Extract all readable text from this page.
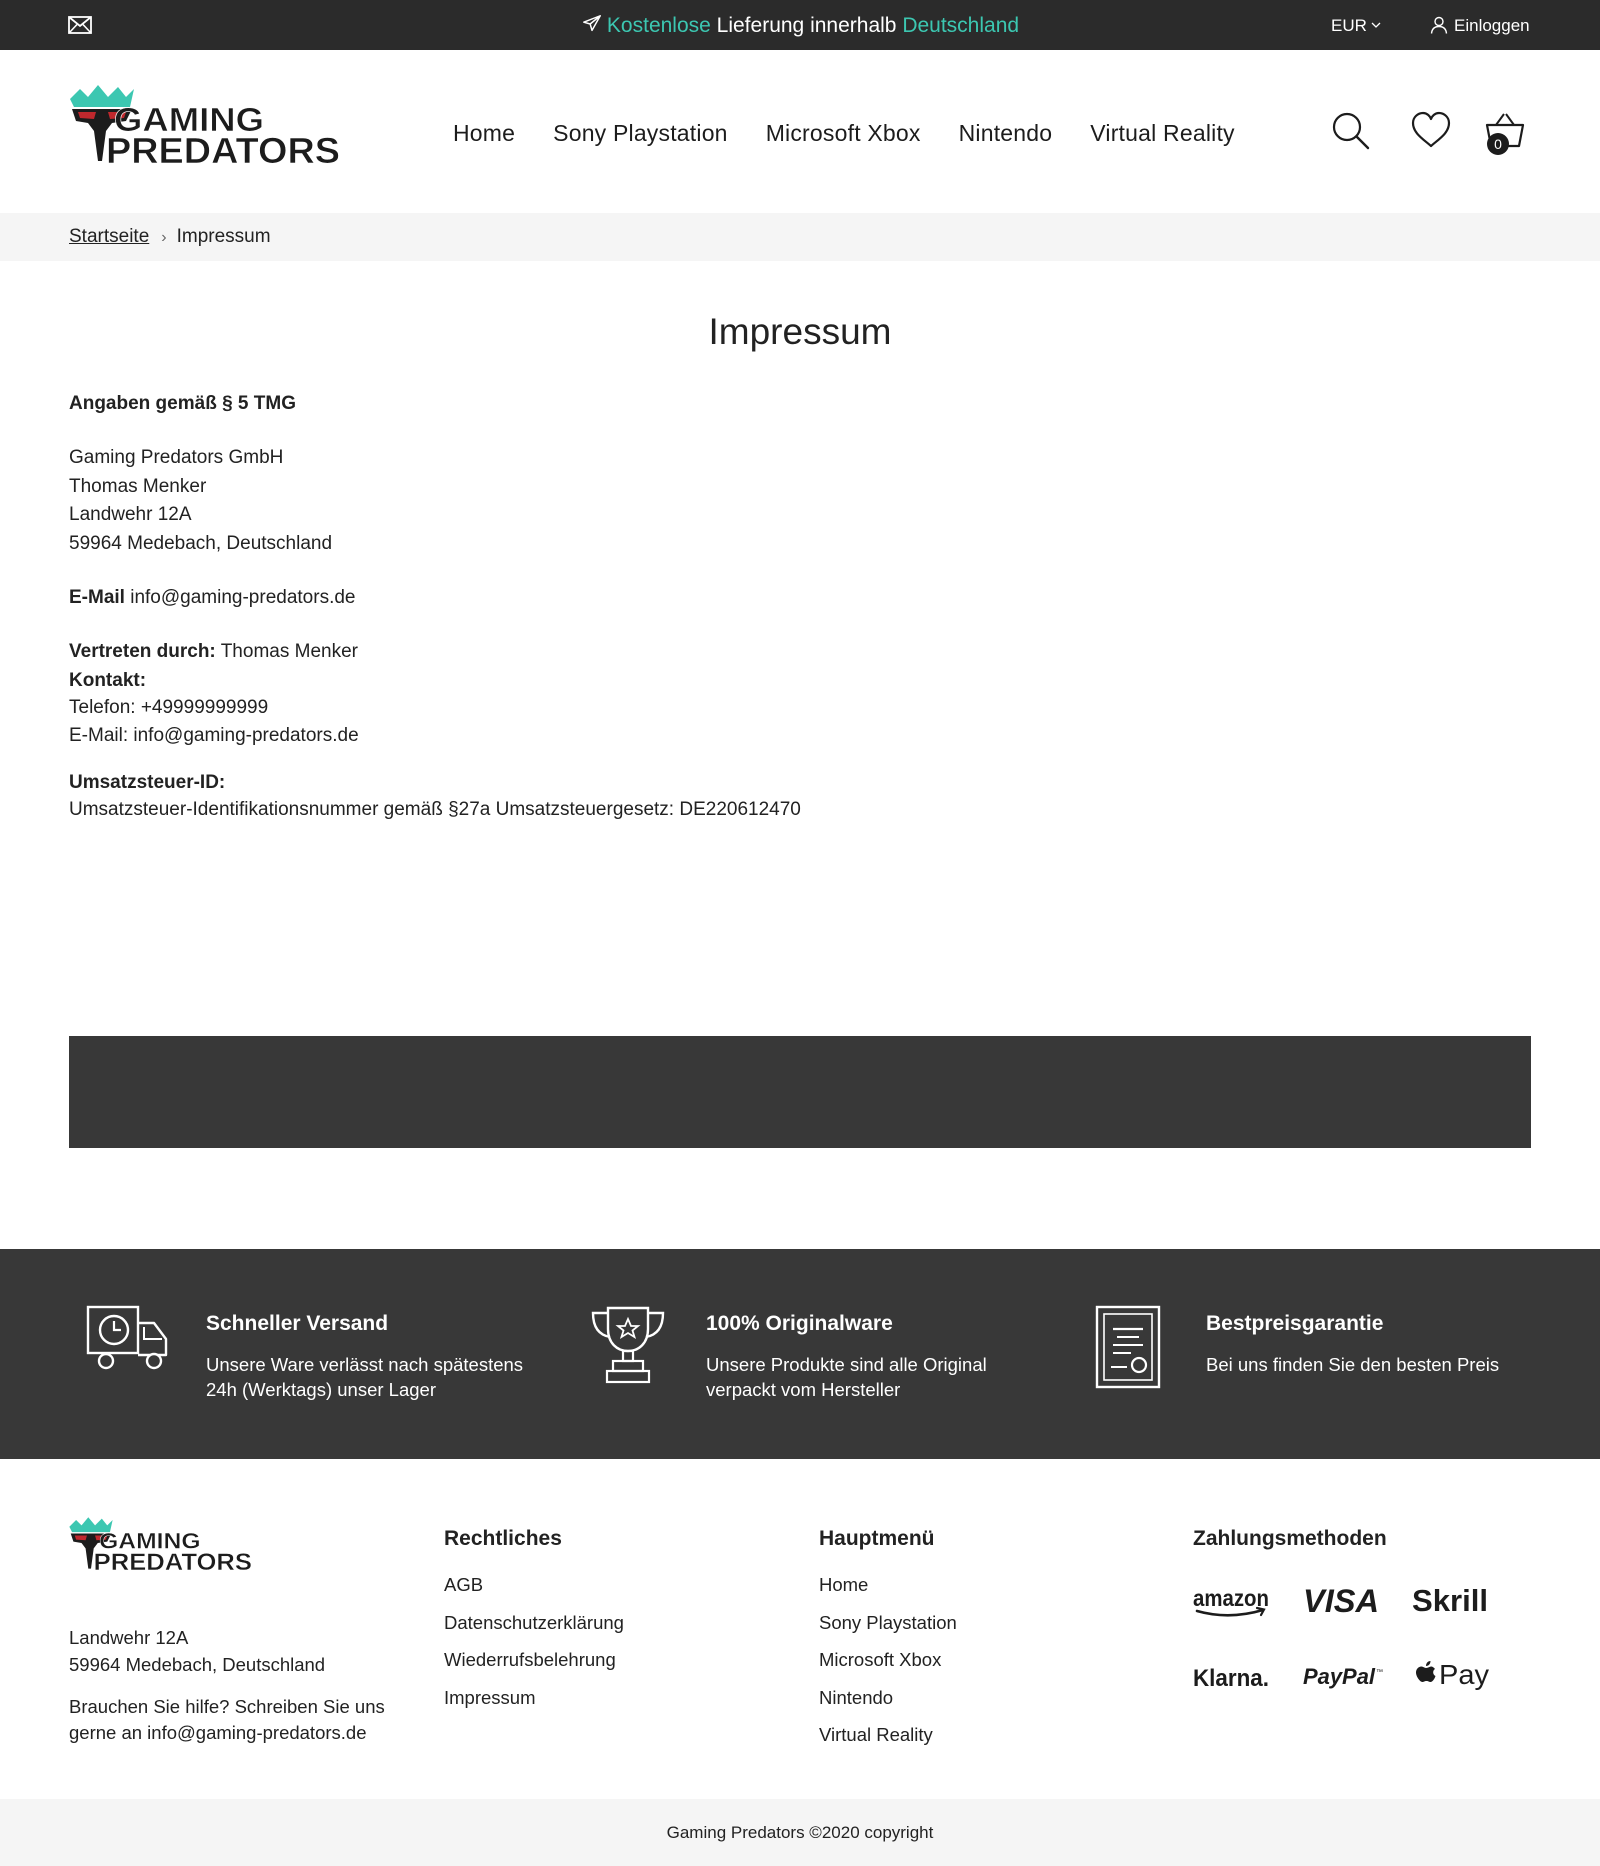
Kostenlose Lieferung innerhalb Deutschland	EUR	Einloggen
GAMING
PREDATORS	Home Sony Playstation Microsoft Xbox Nintendo Virtual Reality	0
Startseite › Impressum
Impressum

Angaben gemäß § 5 TMG

Gaming Predators GmbH

Thomas Menker

Landwehr 12A

59964 Medebach, Deutschland

E-Mail info@gaming-predators.de

Vertreten durch: Thomas Menker

Kontakt:

Telefon: +49999999999

E-Mail: info@gaming-predators.de

Umsatzsteuer-ID:

Umsatzsteuer-Identifikationsnummer gemäß §27a Umsatzsteuergesetz: DE220612470

Schneller Versand

Unsere Ware verlässt nach spätestens
24h (Werktags) unser Lager

100% Originalware

Unsere Produkte sind alle Original
verpackt vom Hersteller

Bestpreisgarantie

Bei uns finden Sie den besten Preis

GAMING
PREDATORS
Landwehr 12A
59964 Medebach, Deutschland
Brauchen Sie hilfe? Schreiben Sie uns gerne an info@gaming-predators.de
Rechtliches
AGB
Datenschutzerklärung
Wiederrufsbelehrung
Impressum
Hauptmenü
Home
Sony Playstation
Microsoft Xbox
Nintendo
Virtual Reality
Zahlungsmethoden
amazon VISA Skrill
Klarna. PayPal ™ Pay
Gaming Predators ©2020 copyright
